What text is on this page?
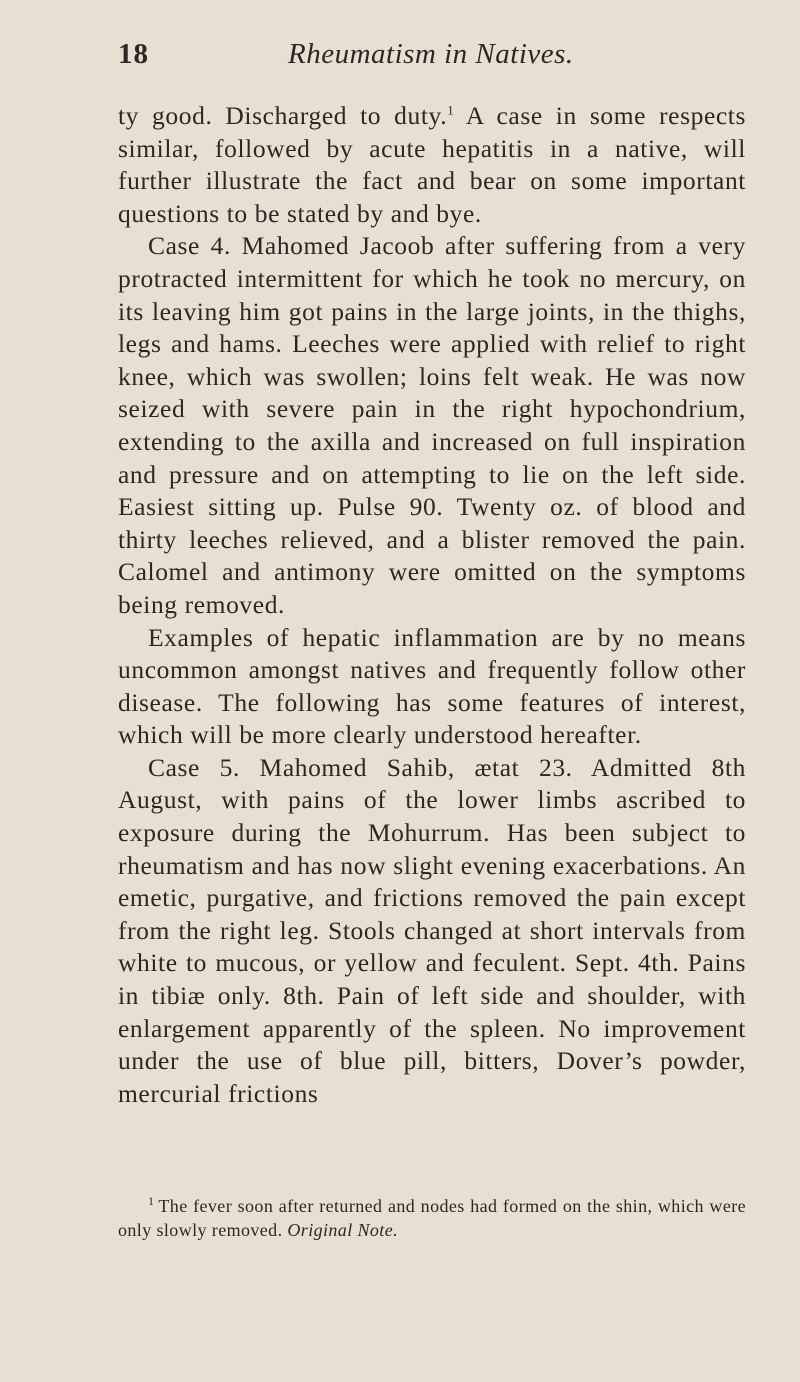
18	Rheumatism in Natives.

ty good. Discharged to duty.$^1$ A case in some respects similar, followed by acute hepatitis in a native, will further illustrate the fact and bear on some important questions to be stated by and bye.

Case 4. Mahomed Jacoob after suffering from a very protracted intermittent for which he took no mercury, on its leaving him got pains in the large joints, in the thighs, legs and hams. Leeches were applied with relief to right knee, which was swollen; loins felt weak. He was now seized with severe pain in the right hypochondrium, extending to the axilla and increased on full inspiration and pressure and on attempting to lie on the left side. Easiest sitting up. Pulse 90. Twenty oz. of blood and thirty leeches relieved, and a blister removed the pain. Calomel and antimony were omitted on the symptoms being removed.

Examples of hepatic inflammation are by no means uncommon amongst natives and frequently follow other disease. The following has some features of interest, which will be more clearly understood hereafter.

Case 5. Mahomed Sahib, ætat 23. Admitted 8th August, with pains of the lower limbs ascribed to exposure during the Mohurrum. Has been subject to rheumatism and has now slight evening exacerbations. An emetic, purgative, and frictions removed the pain except from the right leg. Stools changed at short intervals from white to mucous, or yellow and feculent. Sept. 4th. Pains in tibiæ only. 8th. Pain of left side and shoulder, with enlargement apparently of the spleen. No improvement under the use of blue pill, bitters, Dover’s powder, mercurial frictions

$^1$ The fever soon after returned and nodes had formed on the shin, which were only slowly removed. Original Note.
